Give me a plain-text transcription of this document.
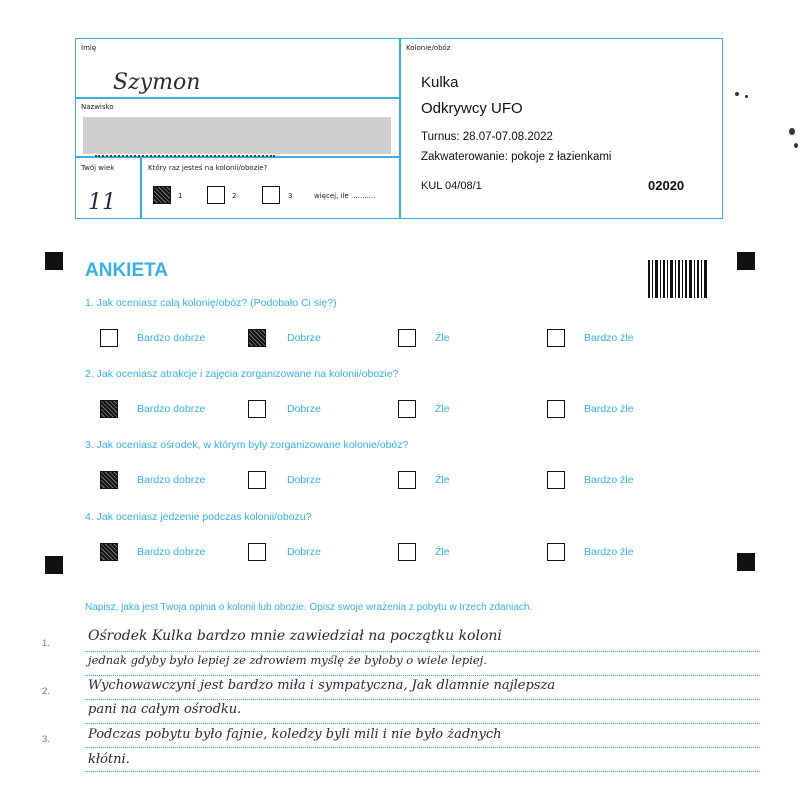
Imię
Szymon
Nazwisko
Twój wiek
11
Który raz jesteś na kolonii/obozie?
1	2	3	więcej, ile ...........
Kolonie/obóz
Kulka
Odkrywcy UFO
Turnus: 28.07-07.08.2022
Zakwaterowanie: pokoje z łazienkami
KUL 04/08/1	02020
ANKIETA
1. Jak oceniasz całą kolonię/obóz? (Podobało Ci się?)
Bardzo dobrze	Dobrze	Źle	Bardzo źle
2. Jak oceniasz atrakcje i zajęcia zorganizowane na kolonii/obozie?
Bardzo dobrze	Dobrze	Źle	Bardzo źle
3. Jak oceniasz ośrodek, w którym były zorganizowane kolonie/obóz?
Bardzo dobrze	Dobrze	Źle	Bardzo źle
4. Jak oceniasz jedzenie podczas kolonii/obozu?
Bardzo dobrze	Dobrze	Źle	Bardzo źle
Napisz, jaka jest Twoja opinia o kolonii lub obozie. Opisz swoje wrażenia z pobytu w trzech zdaniach.
1.
2.
3.
Ośrodek Kulka bardzo mnie zawiedział na początku koloni
jednak gdyby było lepiej ze zdrowiem myślę że byłoby o wiele lepiej.
Wychowawczyni jest bardzo miła i sympatyczna, Jak dlamnie najlepsza
pani na całym ośrodku.
Podczas pobytu było fajnie, koledzy byli mili i nie było żadnych
kłótni.
